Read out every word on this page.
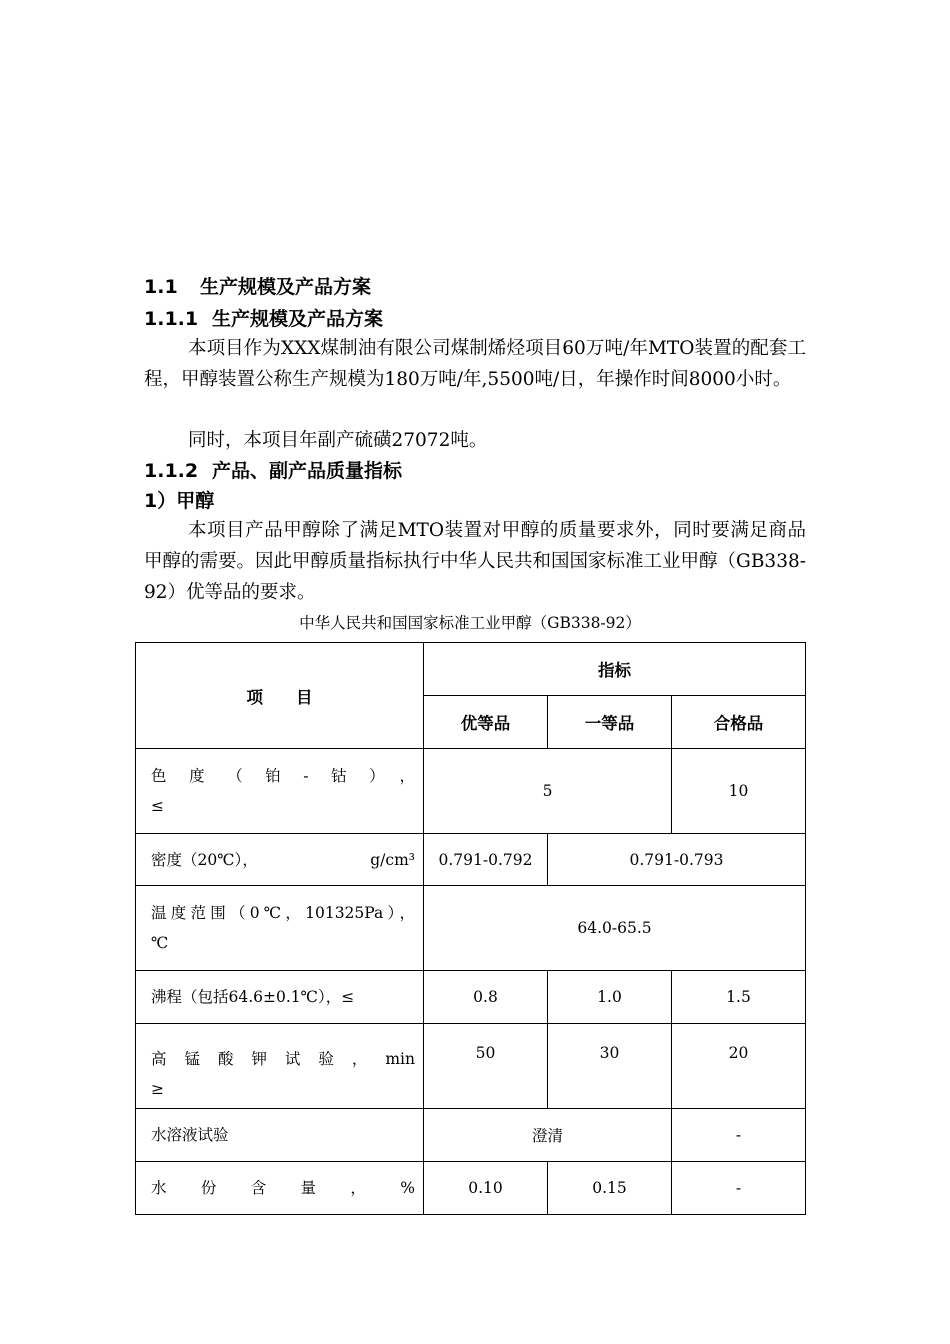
1.1 生产规模及产品方案
1.1.1 生产规模及产品方案
本项目作为XXX煤制油有限公司煤制烯烃项目60万吨/年MTO装置的配套工程，甲醇装置公称生产规模为180万吨/年,5500吨/日，年操作时间8000小时。
同时，本项目年副产硫磺27072吨。
1.1.2 产品、副产品质量指标
1）甲醇
本项目产品甲醇除了满足MTO装置对甲醇的质量要求外，同时要满足商品甲醇的需要。因此甲醇质量指标执行中华人民共和国国家标准工业甲醇（GB338-92）优等品的要求。
中华人民共和国国家标准工业甲醇（GB338-92）
项　　目	指标		
	优等品	一等品	合格品

色度（铂-钴），
≤	5		10
密度（20℃）， g/cm³	0.791-0.792	0.791-0.793	

温度范围（0℃，101325Pa），
℃	64.0-65.5		
沸程（包括64.6±0.1℃），≤	0.8	1.0	1.5

高锰酸钾试验，min
≥	50	30	20
水溶液试验	澄清		-

水份含量，%	0.10	0.15	-
